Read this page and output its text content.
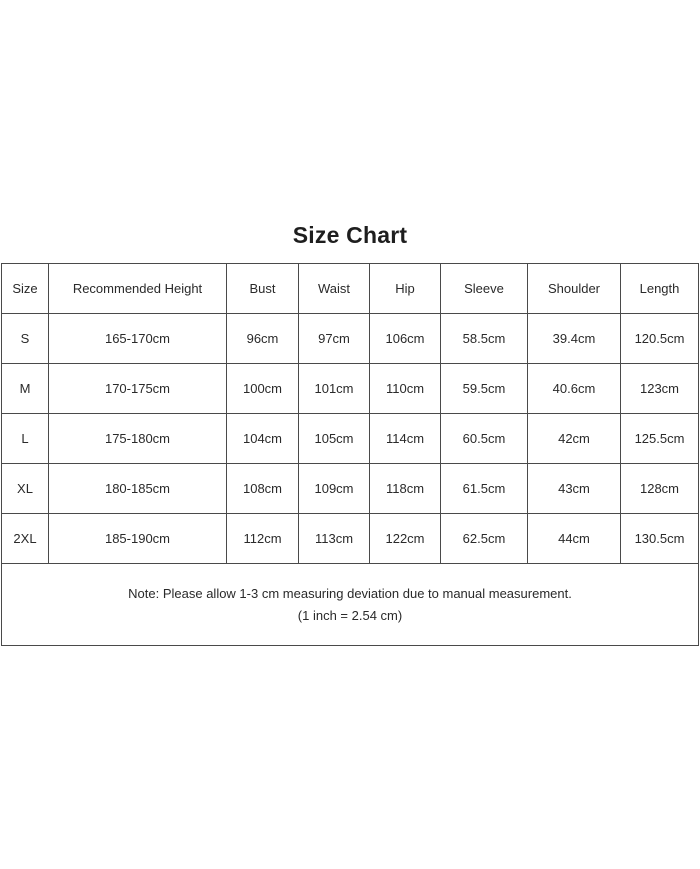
Size Chart
Size	Recommended Height	Bust	Waist	Hip	Sleeve	Shoulder	Length
S	165-170cm	96cm	97cm	106cm	58.5cm	39.4cm	120.5cm
M	170-175cm	100cm	101cm	110cm	59.5cm	40.6cm	123cm
L	175-180cm	104cm	105cm	114cm	60.5cm	42cm	125.5cm
XL	180-185cm	108cm	109cm	118cm	61.5cm	43cm	128cm
2XL	185-190cm	112cm	113cm	122cm	62.5cm	44cm	130.5cm

Note: Please allow 1-3 cm measuring deviation due to manual measurement.
(1 inch = 2.54 cm)							
